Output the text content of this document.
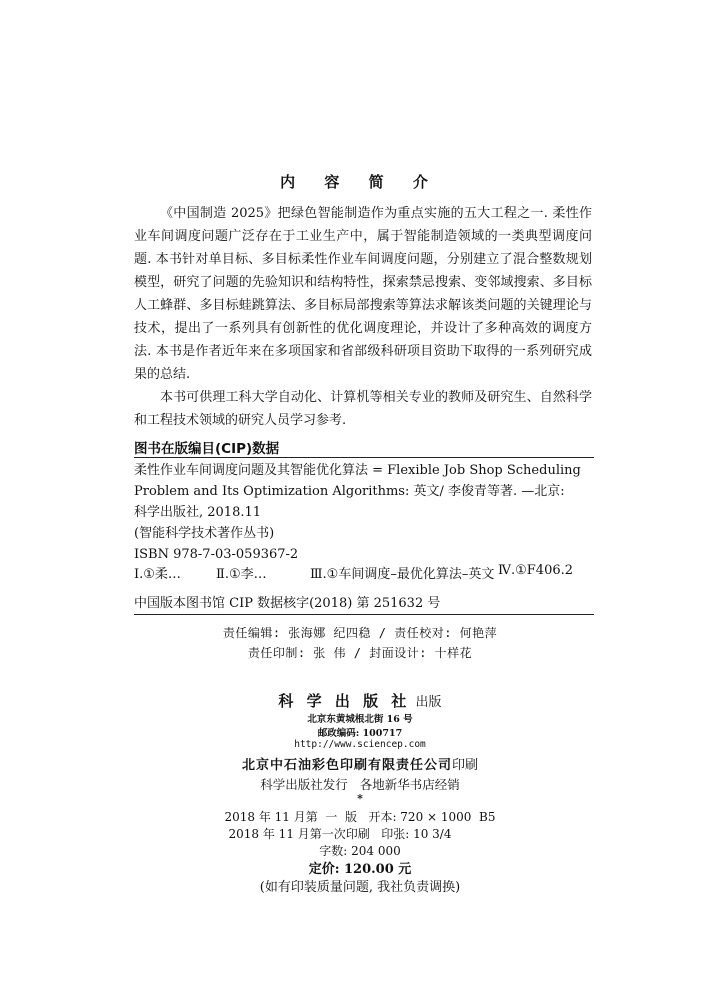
内 容 简 介

《中国制造 2025》把绿色智能制造作为重点实施的五大工程之一. 柔性作业车间调度问题广泛存在于工业生产中，属于智能制造领域的一类典型调度问题. 本书针对单目标、多目标柔性作业车间调度问题，分别建立了混合整数规划模型，研究了问题的先验知识和结构特性，探索禁忌搜索、变邻域搜索、多目标人工蜂群、多目标蛙跳算法、多目标局部搜索等算法求解该类问题的关键理论与技术，提出了一系列具有创新性的优化调度理论，并设计了多种高效的调度方法. 本书是作者近年来在多项国家和省部级科研项目资助下取得的一系列研究成果的总结.

本书可供理工科大学自动化、计算机等相关专业的教师及研究生、自然科学和工程技术领域的研究人员学习参考.

图书在版编目(CIP)数据
柔性作业车间调度问题及其智能优化算法 = Flexible Job Shop Scheduling
Problem and Its Optimization Algorithms: 英文/ 李俊青等著. —北京:
科学出版社, 2018.11
(智能科学技术著作丛书)
ISBN 978-7-03-059367-2
Ⅰ.①柔…	Ⅱ.①李…	Ⅲ.①车间调度–最优化算法–英文 Ⅳ.①F406.2
中国版本图书馆 CIP 数据核字(2018) 第 251632 号
责任编辑: 张海娜 纪四稳 / 责任校对: 何艳萍
责任印制: 张 伟 / 封面设计: 十样花
科 学 出 版 社 出版
北京东黄城根北街 16 号
邮政编码: 100717
http://www.sciencep.com
北京中石油彩色印刷有限责任公司印刷
科学出版社发行   各地新华书店经销
*
2018 年 11 月第  一  版   开本: 720 × 1000  B5
2018 年 11 月第一次印刷   印张: 10 3/4
字数: 204 000
定价: 120.00 元
(如有印装质量问题, 我社负责调换)
